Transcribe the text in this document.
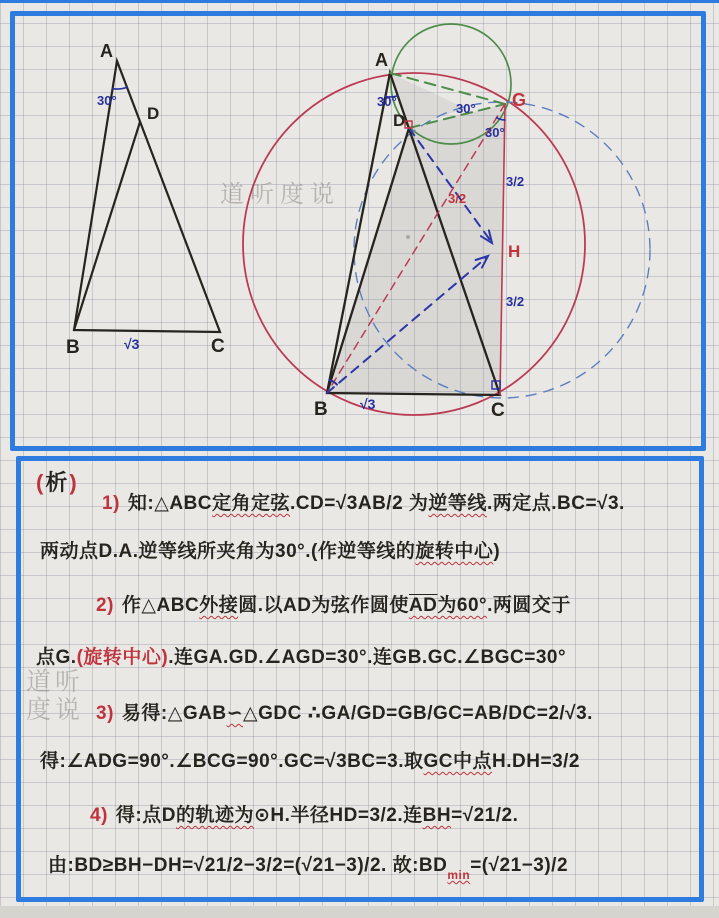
道听度说
30°
√3
A
D
B	C
A
D
B	C
G
H
30°	30°
30°
3/2
3/2
3/2
√3
道听
度说
(析)
1) 知:△ABC定角定弦.CD=√3AB/2 为逆等线.两定点.BC=√3.
两动点D.A.逆等线所夹角为30°.(作逆等线的旋转中心)
2) 作△ABC外接圆.以AD为弦作圆使AD为60°.两圆交于
点G.(旋转中心).连GA.GD.∠AGD=30°.连GB.GC.∠BGC=30°
3) 易得:△GAB∽△GDC ∴GA/GD=GB/GC=AB/DC=2/√3.
得:∠ADG=90°.∠BCG=90°.GC=√3BC=3.取GC中点H.DH=3/2
4) 得:点D的轨迹为⊙H.半径HD=3/2.连BH=√21/2.
由:BD≥BH−DH=√21/2−3/2=(√21−3)/2. 故$:BD_{min}=(√21-3)/2$
